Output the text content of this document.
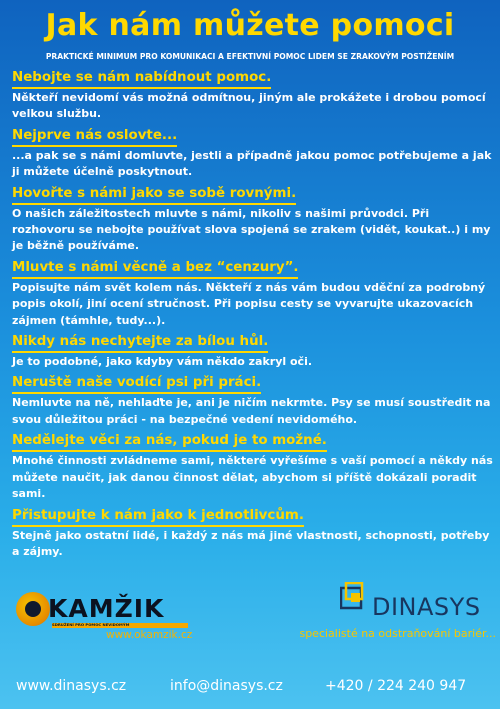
Jak nám můžete pomoci
PRAKTICKÉ MINIMUM PRO KOMUNIKACI A EFEKTIVNÍ POMOC LIDEM SE ZRAKOVÝM POSTIŽENÍM
Nebojte se nám nabídnout pomoc.
Někteří nevidomí vás možná odmítnou, jiným ale prokážete i drobou pomocí velkou službu.
Nejprve nás oslovte...
...a pak se s námi domluvte, jestli a případně jakou pomoc potřebujeme a jak ji můžete účelně poskytnout.
Hovořte s námi jako se sobě rovnými.
O našich záležitostech mluvte s námi, nikoliv s našimi průvodci. Při rozhovoru se nebojte používat slova spojená se zrakem (vidět, koukat..) i my je běžně používáme.
Mluvte s námi věcně a bez “cenzury”.
Popisujte nám svět kolem nás. Někteří z nás vám budou vděční za podrobný popis okolí, jiní ocení stručnost. Při popisu cesty se vyvarujte ukazovacích zájmen (támhle, tudy...).
Nikdy nás nechytejte za bílou hůl.
Je to podobné, jako kdyby vám někdo zakryl oči.
Neruště naše vodící psi při práci.
Nemluvte na ně, nehlaďte je, ani je ničím nekrmte. Psy se musí soustředit na svou důležitou práci - na bezpečné vedení nevidomého.
Nedělejte věci za nás, pokud je to možné.
Mnohé činnosti zvládneme sami, některé vyřešíme s vaší pomocí a někdy nás můžete naučit, jak danou činnost dělat, abychom si příště dokázali poradit sami.
Přistupujte k nám jako k jednotlivcům.
Stejně jako ostatní lidé, i každý z nás má jiné vlastnosti, schopnosti, potřeby a zájmy.
KAMŽIK
SDRUŽENÍ PRO POMOC NEVIDOMÝM
www.okamzik.cz
DINASYS
specialisté na odstraňování bariér...
www.dinasys.cz	info@dinasys.cz	+420 / 224 240 947
